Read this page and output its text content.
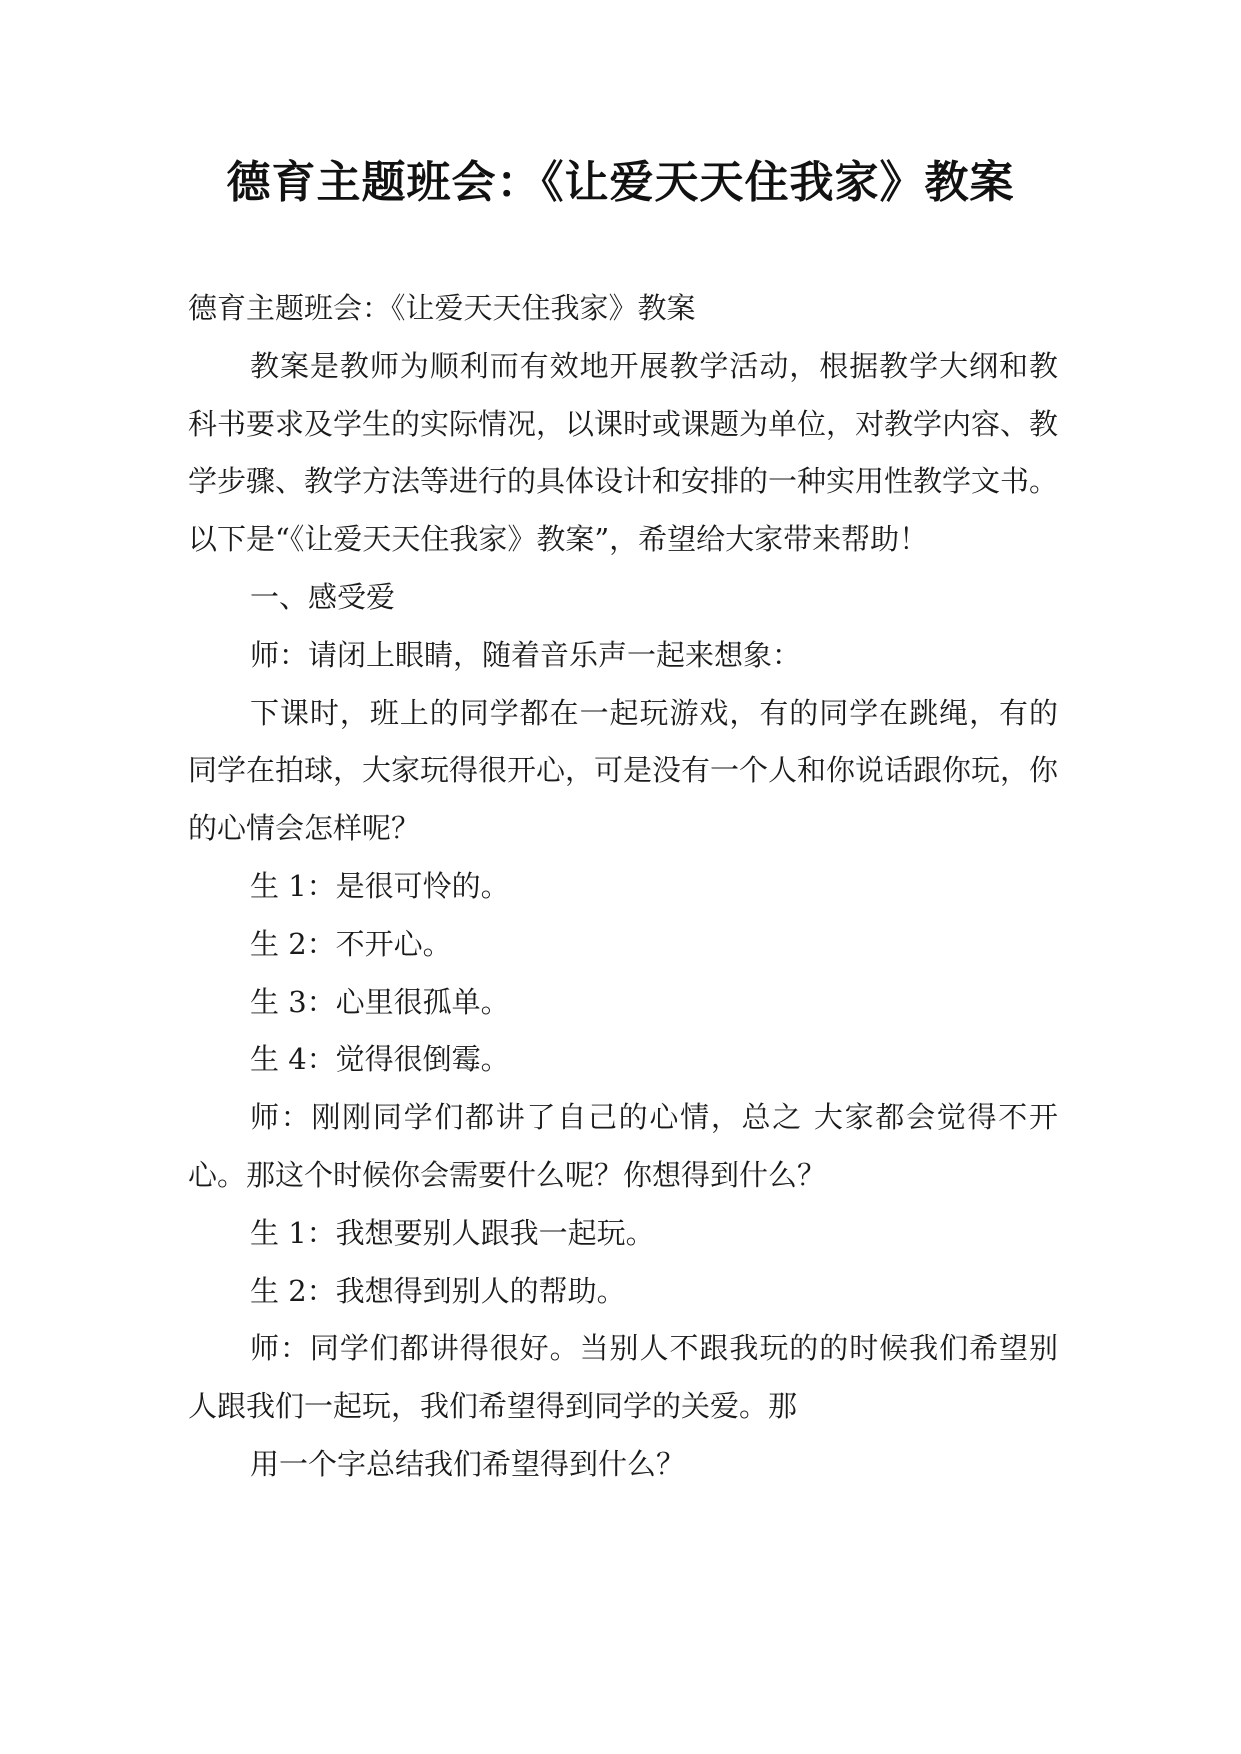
德育主题班会：《让爱天天住我家》教案

德育主题班会：《让爱天天住我家》教案

教案是教师为顺利而有效地开展教学活动，根据教学大纲和教科书要求及学生的实际情况，以课时或课题为单位，对教学内容、教学步骤、教学方法等进行的具体设计和安排的一种实用性教学文书。以下是“《让爱天天住我家》教案”，希望给大家带来帮助！

一、感受爱

师：请闭上眼睛，随着音乐声一起来想象：

下课时，班上的同学都在一起玩游戏，有的同学在跳绳，有的同学在拍球，大家玩得很开心，可是没有一个人和你说话跟你玩，你的心情会怎样呢？

生 1：是很可怜的。

生 2：不开心。

生 3：心里很孤单。

生 4：觉得很倒霉。

师：刚刚同学们都讲了自己的心情，总之 大家都会觉得不开心。那这个时候你会需要什么呢？你想得到什么？

生 1：我想要别人跟我一起玩。

生 2：我想得到别人的帮助。

师：同学们都讲得很好。当别人不跟我玩的的时候我们希望别人跟我们一起玩，我们希望得到同学的关爱。那

用一个字总结我们希望得到什么？
